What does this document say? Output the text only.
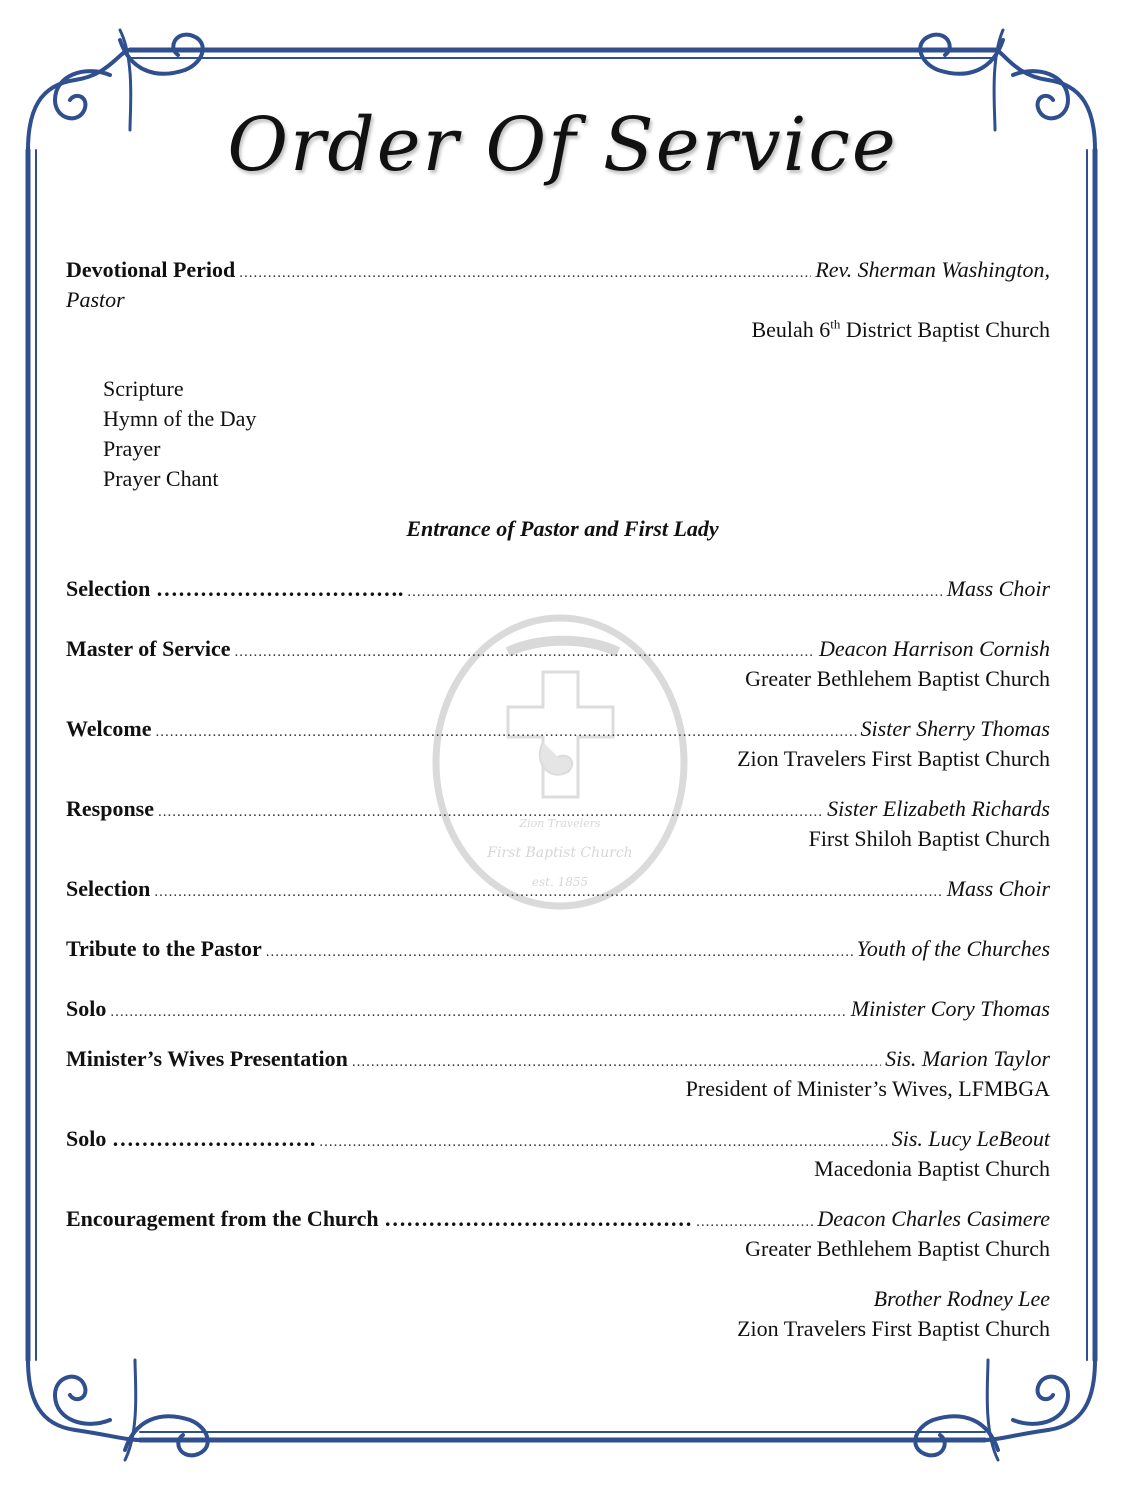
Zion Travelers
First Baptist Church
est. 1855
Order Of Service
Devotional Period .....	Rev. Sherman Washington,
Pastor
Beulah 6th District Baptist Church
Scripture
Hymn of the Day
Prayer
Prayer Chant
Entrance of Pastor and First Lady
Selection ……………………………. .....	Mass Choir
Master of Service .....	Deacon Harrison Cornish
Greater Bethlehem Baptist Church
Welcome .....	Sister Sherry Thomas
Zion Travelers First Baptist Church
Response .....	Sister Elizabeth Richards
First Shiloh Baptist Church
Selection .....	Mass Choir
Tribute to the Pastor .....	Youth of the Churches
Solo .....	Minister Cory Thomas
Minister’s Wives Presentation .....	Sis. Marion Taylor
President of Minister’s Wives, LFMBGA
Solo ………………………. .....	Sis. Lucy LeBeout
Macedonia Baptist Church
Encouragement from the Church …………………………………… .....	Deacon Charles Casimere
Greater Bethlehem Baptist Church
Brother Rodney Lee
Zion Travelers First Baptist Church
